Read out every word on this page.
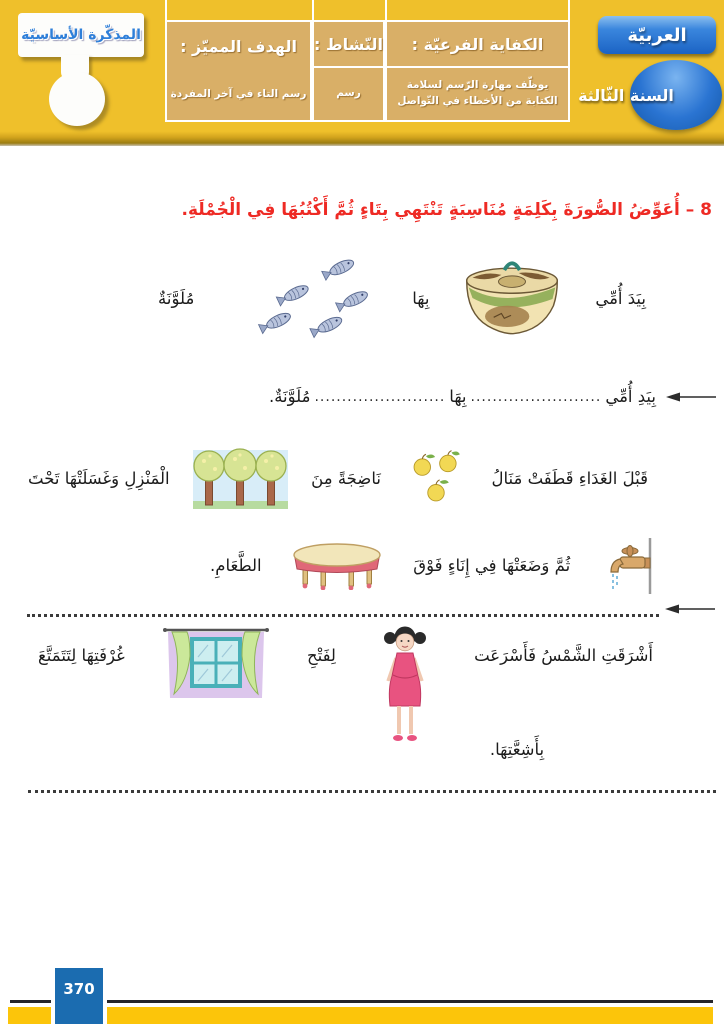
المذكّرة الأساسيّة	الكفاية الفرعيّة :
يوظّف مهارة الرّسم لسلامة الكتابة من الأخطاء في التّواصل
النّشاط :
رسم
الهدف المميّز :
رسم التاء في آخر المفردة
العربيّة
السنة الثّالثة
8 – أُعَوِّضُ الصُّورَةَ بِكَلِمَةٍ مُنَاسِبَةٍ تَنْتَهِي بِتَاءٍ ثُمَّ أَكْتُبُهَا فِي الْجُمْلَةِ.
بِيَدَ أُمِّي
بِهَا
مُلَوَّنَةٌ
بِيَدِ أُمِّي
........................
بِهَا
........................
مُلَوَّنَةٌ.
قَبْلَ الغَدَاءِ قَطَفَتْ مَنَالُ
نَاضِجَةً مِنَ
الْمَنْزِلِ وَغَسَلَتْهَا تَحْتَ
ثُمَّ وَضَعَتْهَا فِي إِنَاءٍ فَوْقَ
الطَّعَامِ.
أَشْرَقَتِ الشَّمْسُ فَأَسْرَعَت
لِفَتْحِ
غُرْفَتِهَا لِتَتَمَتَّعَ
بِأَشِعَّتِهَا.
370
